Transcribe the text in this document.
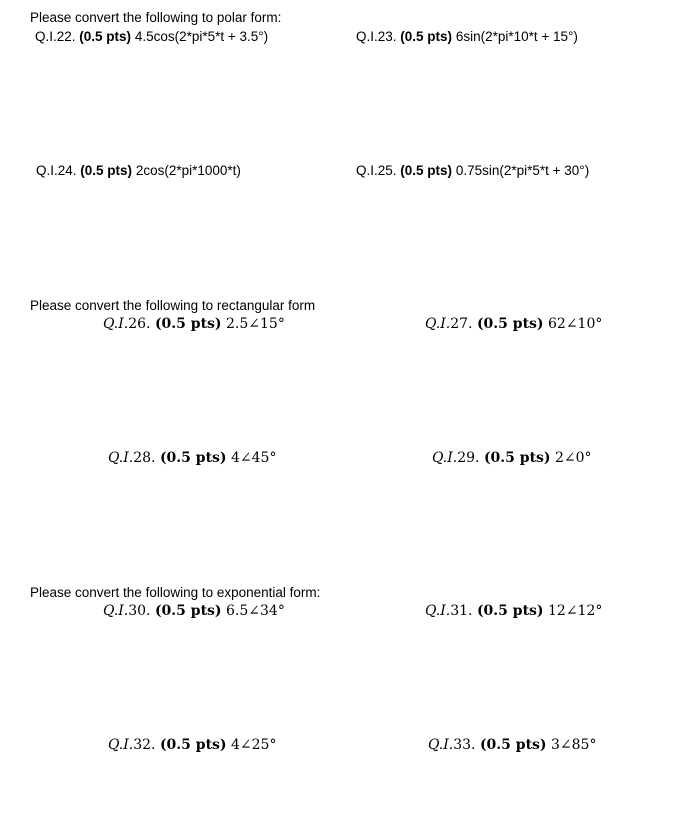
Please convert the following to polar form:
Q.I.22. (0.5 pts) 4.5cos(2*pi*5*t + 3.5°)	Q.I.23. (0.5 pts) 6sin(2*pi*10*t + 15°)
Q.I.24. (0.5 pts) 2cos(2*pi*1000*t)	Q.I.25. (0.5 pts) 0.75sin(2*pi*5*t + 30°)
Please convert the following to rectangular form
Q.I.26. (0.5 pts) 2.5∠15°	Q.I.27. (0.5 pts) 62∠10°
Q.I.28. (0.5 pts) 4∠45°	Q.I.29. (0.5 pts) 2∠0°
Please convert the following to exponential form:
Q.I.30. (0.5 pts) 6.5∠34°	Q.I.31. (0.5 pts) 12∠12°
Q.I.32. (0.5 pts) 4∠25°	Q.I.33. (0.5 pts) 3∠85°
